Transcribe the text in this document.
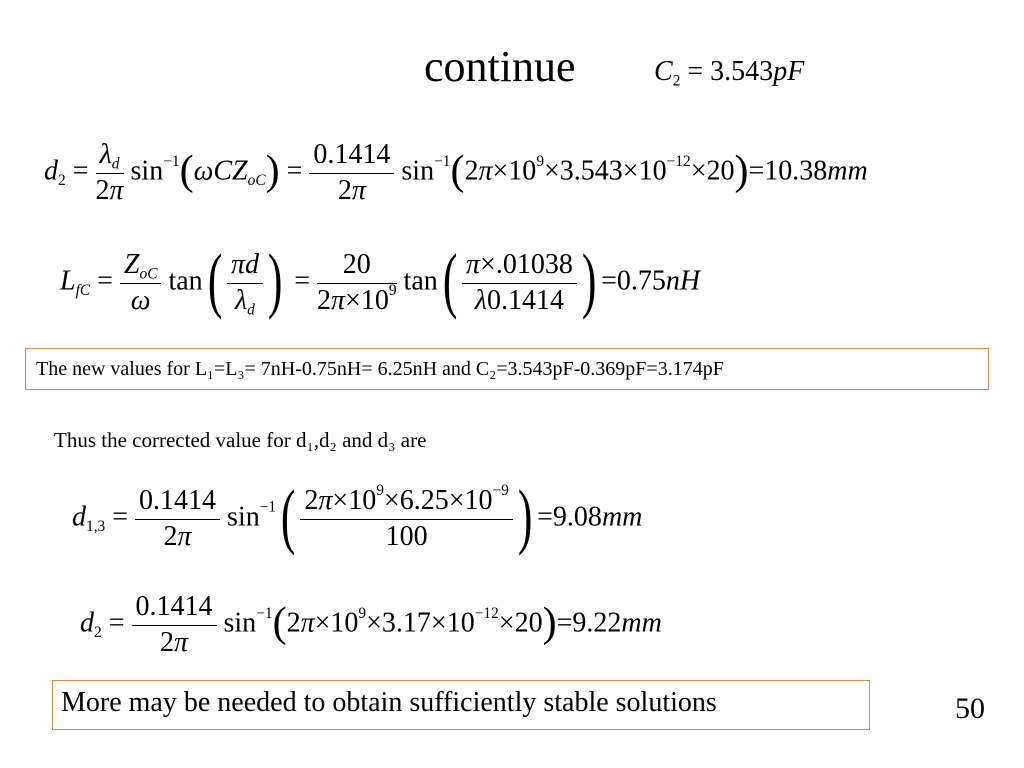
continue	$C_2 = 3.543pF$
$d_2 = \frac{\lambda_d}{2\pi} \sin^{-1}(\omega CZ_{oC}) = \frac{0.1414}{2\pi} \sin^{-1}(2\pi\times 10^9\times 3.543\times 10^{-12}\times 20)=10.38mm$
$L_{fC} = \frac{Z_{oC}}{\omega} \tan( \frac{\pi d}{\lambda_d}$ ) = $\frac{20}{2\pi\times 10^9} \tan( \frac{\pi\times.01038}{\lambda 0.1414}$ ) =0.75nH
The new values for L₁=L₃= 7nH-0.75nH= 6.25nH and C₂=3.543pF-0.369pF=3.174pF
Thus the corrected value for d₁,d₂ and d₃ are
$d_{1,3} = \frac{0.1414}{2\pi} \sin^{-1}( \frac{2\pi\times 10^9\times 6.25\times 10^{-9}}{100}$ ) =9.08mm
$d_2 = \frac{0.1414}{2\pi} \sin^{-1}(2\pi\times 10^9\times 3.17\times 10^{-12}\times 20)=9.22mm$
More may be needed to obtain sufficiently stable solutions	50
